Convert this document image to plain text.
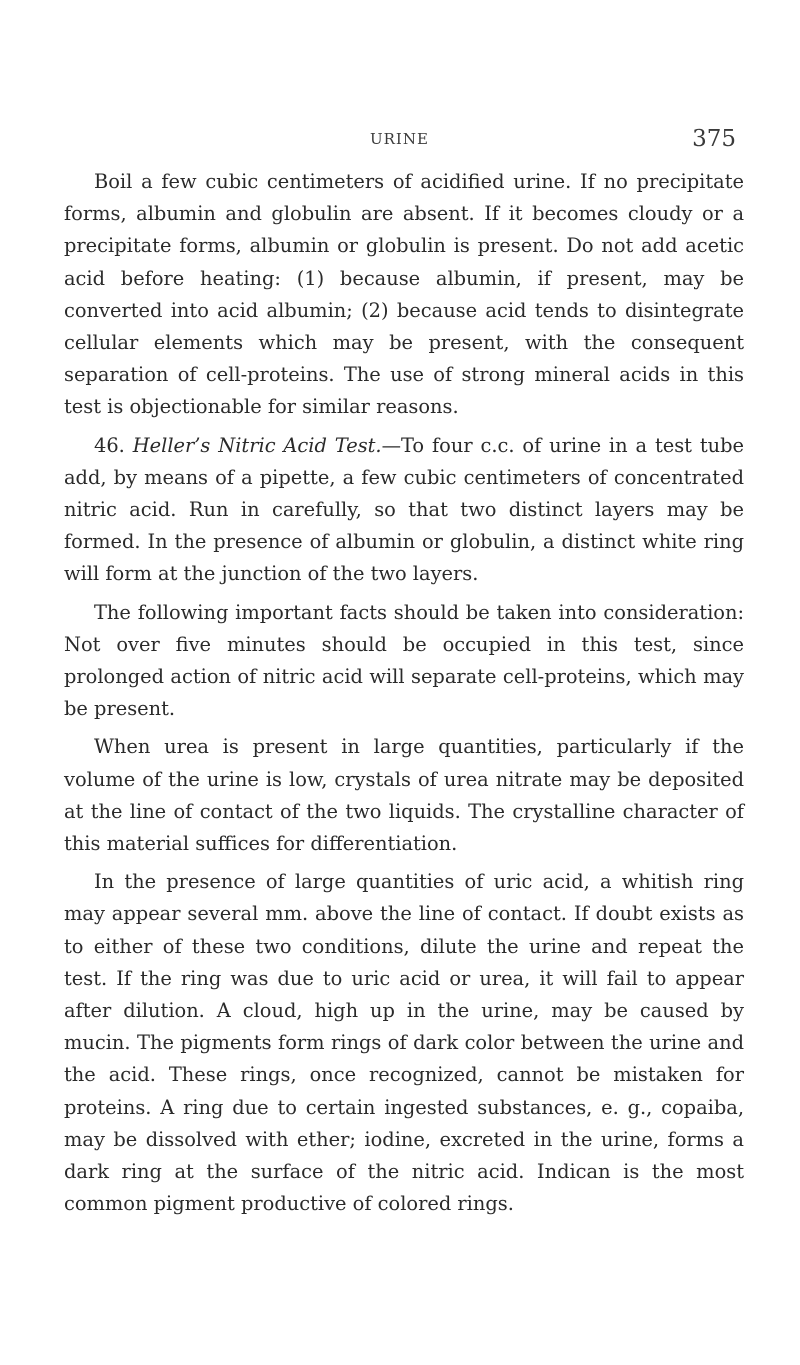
URINE	375

Boil a few cubic centimeters of acidified urine. If no precipitate forms, albumin and globulin are absent. If it becomes cloudy or a precipitate forms, albumin or globulin is present. Do not add acetic acid before heating: (1) because albumin, if present, may be converted into acid albumin; (2) because acid tends to disintegrate cellular elements which may be present, with the consequent separation of cell-proteins. The use of strong mineral acids in this test is objectionable for similar reasons.

46. Heller’s Nitric Acid Test.—To four c.c. of urine in a test tube add, by means of a pipette, a few cubic centimeters of concentrated nitric acid. Run in carefully, so that two distinct layers may be formed. In the presence of albumin or globulin, a distinct white ring will form at the junction of the two layers.

The following important facts should be taken into consideration: Not over five minutes should be occupied in this test, since prolonged action of nitric acid will separate cell-proteins, which may be present.

When urea is present in large quantities, particularly if the volume of the urine is low, crystals of urea nitrate may be deposited at the line of contact of the two liquids. The crystalline character of this material suffices for differentiation.

In the presence of large quantities of uric acid, a whitish ring may appear several mm. above the line of contact. If doubt exists as to either of these two conditions, dilute the urine and repeat the test. If the ring was due to uric acid or urea, it will fail to appear after dilution. A cloud, high up in the urine, may be caused by mucin. The pigments form rings of dark color between the urine and the acid. These rings, once recognized, cannot be mistaken for proteins. A ring due to certain ingested substances, e. g., copaiba, may be dissolved with ether; iodine, excreted in the urine, forms a dark ring at the surface of the nitric acid. Indican is the most common pigment productive of colored rings.
